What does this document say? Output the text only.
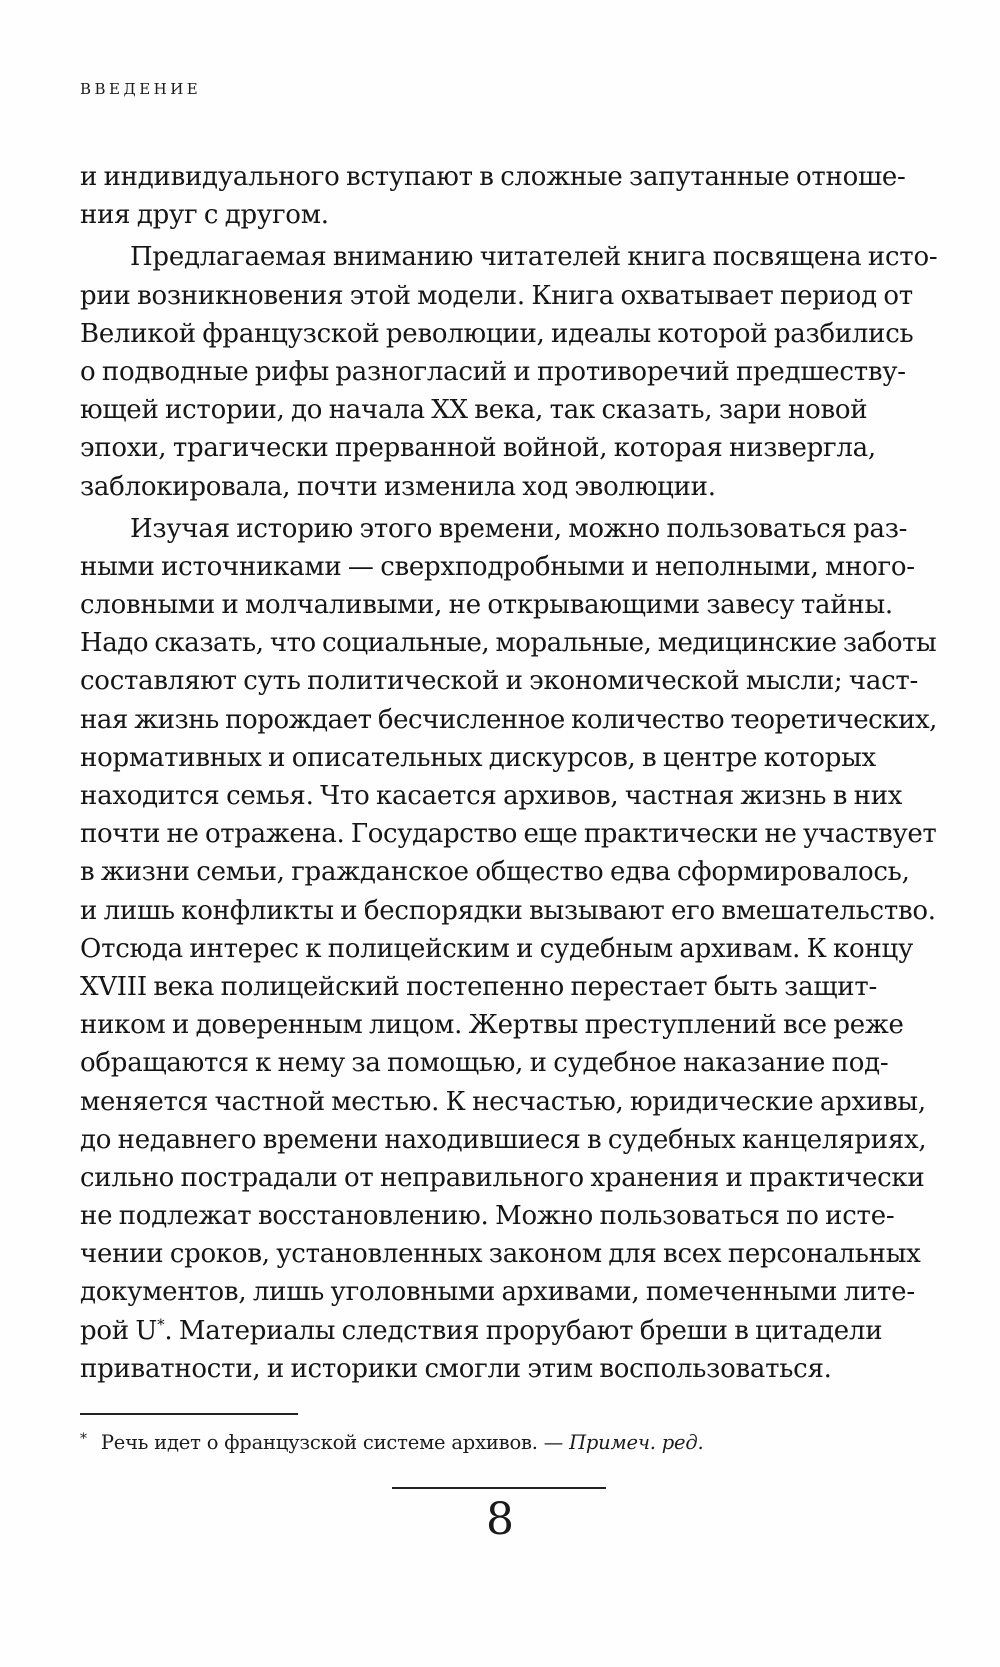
ВВЕДЕНИЕ
и индивидуального вступают в сложные запутанные отноше-
ния друг с другом.
Предлагаемая вниманию читателей книга посвящена исто-
рии возникновения этой модели. Книга охватывает период от
Великой французской революции, идеалы которой разбились
о подводные рифы разногласий и противоречий предшеству-
ющей истории, до начала XX века, так сказать, зари новой
эпохи, трагически прерванной войной, которая низвергла,
заблокировала, почти изменила ход эволюции.
Изучая историю этого времени, можно пользоваться раз-
ными источниками — сверхподробными и неполными, много-
словными и молчаливыми, не открывающими завесу тайны.
Надо сказать, что социальные, моральные, медицинские заботы
составляют суть политической и экономической мысли; част-
ная жизнь порождает бесчисленное количество теоретических,
нормативных и описательных дискурсов, в центре которых
находится семья. Что касается архивов, частная жизнь в них
почти не отражена. Государство еще практически не участвует
в жизни семьи, гражданское общество едва сформировалось,
и лишь конфликты и беспорядки вызывают его вмешательство.
Отсюда интерес к полицейским и судебным архивам. К концу
XVIII века полицейский постепенно перестает быть защит-
ником и доверенным лицом. Жертвы преступлений все реже
обращаются к нему за помощью, и судебное наказание под-
меняется частной местью. К несчастью, юридические архивы,
до недавнего времени находившиеся в судебных канцеляриях,
сильно пострадали от неправильного хранения и практически
не подлежат восстановлению. Можно пользоваться по исте-
чении сроков, установленных законом для всех персональных
документов, лишь уголовными архивами, помеченными литe-
рой U*. Материалы следствия прорубают бреши в цитадели
приватности, и историки смогли этим воспользоваться.
* Речь идет о французской системе архивов. — Примеч. ред.
8
